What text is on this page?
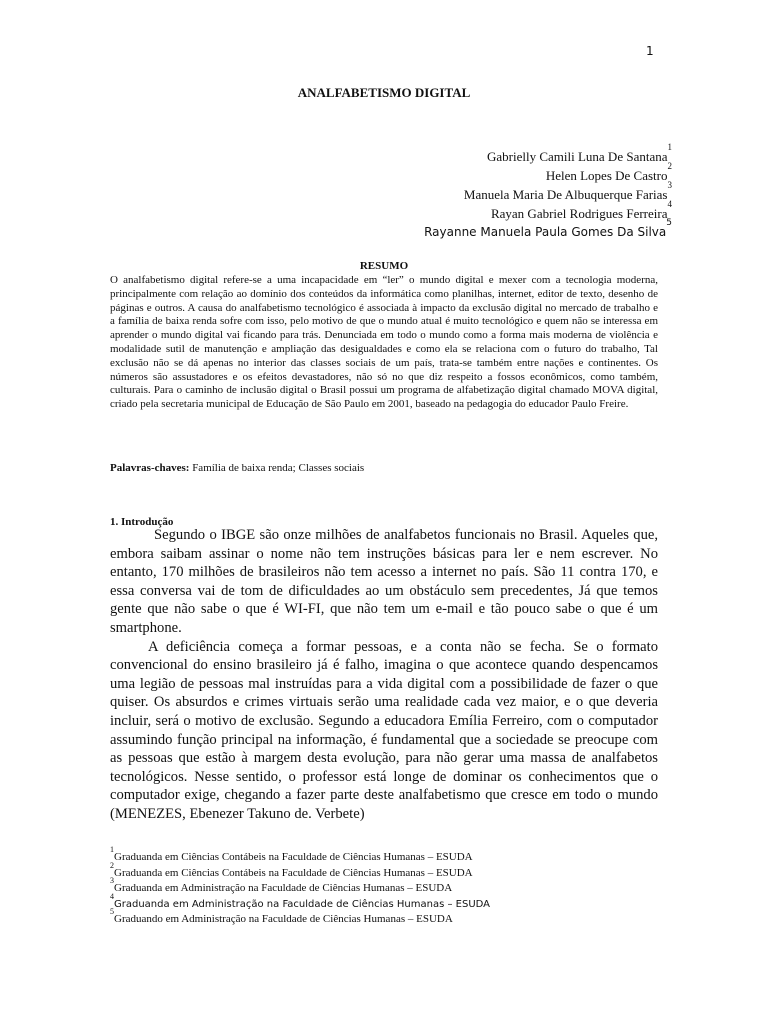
1
ANALFABETISMO DIGITAL
Gabrielly Camili Luna De Santana$^1$
Helen Lopes De Castro$^2$
Manuela Maria De Albuquerque Farias$^3$
Rayan Gabriel Rodrigues Ferreira$^4$
Rayanne Manuela Paula Gomes Da Silva$^5$
RESUMO

O analfabetismo digital refere-se a uma incapacidade em “ler” o mundo digital e mexer com a tecnologia moderna, principalmente com relação ao domínio dos conteúdos da informática como planilhas, internet, editor de texto, desenho de páginas e outros. A causa do analfabetismo tecnológico é associada à impacto da exclusão digital no mercado de trabalho e a família de baixa renda sofre com isso, pelo motivo de que o mundo atual é muito tecnológico e quem não se interessa em aprender o mundo digital vai ficando para trás. Denunciada em todo o mundo como a forma mais moderna de violência e modalidade sutil de manutenção e ampliação das desigualdades e como ela se relaciona com o futuro do trabalho, Tal exclusão não se dá apenas no interior das classes sociais de um país, trata-se também entre nações e continentes. Os números são assustadores e os efeitos devastadores, não só no que diz respeito a fossos econômicos, como também, culturais. Para o caminho de inclusão digital o Brasil possui um programa de alfabetização digital chamado MOVA digital, criado pela secretaria municipal de Educação de São Paulo em 2001, baseado na pedagogia do educador Paulo Freire.

Palavras-chaves: Família de baixa renda; Classes sociais

1. Introdução

Segundo o IBGE são onze milhões de analfabetos funcionais no Brasil. Aqueles que, embora saibam assinar o nome não tem instruções básicas para ler e nem escrever. No entanto, 170 milhões de brasileiros não tem acesso a internet no país. São 11 contra 170, e essa conversa vai de tom de dificuldades ao um obstáculo sem precedentes, Já que temos gente que não sabe o que é WI-FI, que não tem um e-mail e tão pouco sabe o que é um smartphone.

A deficiência começa a formar pessoas, e a conta não se fecha. Se o formato convencional do ensino brasileiro já é falho, imagina o que acontece quando despencamos uma legião de pessoas mal instruídas para a vida digital com a possibilidade de fazer o que quiser. Os absurdos e crimes virtuais serão uma realidade cada vez maior, e o que deveria incluir, será o motivo de exclusão. Segundo a educadora Emília Ferreiro, com o computador assumindo função principal na informação, é fundamental que a sociedade se preocupe com as pessoas que estão à margem desta evolução, para não gerar uma massa de analfabetos tecnológicos. Nesse sentido, o professor está longe de dominar os conhecimentos que o computador exige, chegando a fazer parte deste analfabetismo que cresce em todo o mundo (MENEZES, Ebenezer Takuno de. Verbete)

$^1$Graduanda em Ciências Contábeis na Faculdade de Ciências Humanas – ESUDA
$^2$Graduanda em Ciências Contábeis na Faculdade de Ciências Humanas – ESUDA
$^3$Graduanda em Administração na Faculdade de Ciências Humanas – ESUDA
$^4$Graduanda em Administração na Faculdade de Ciências Humanas – ESUDA
$^5$Graduando em Administração na Faculdade de Ciências Humanas – ESUDA
